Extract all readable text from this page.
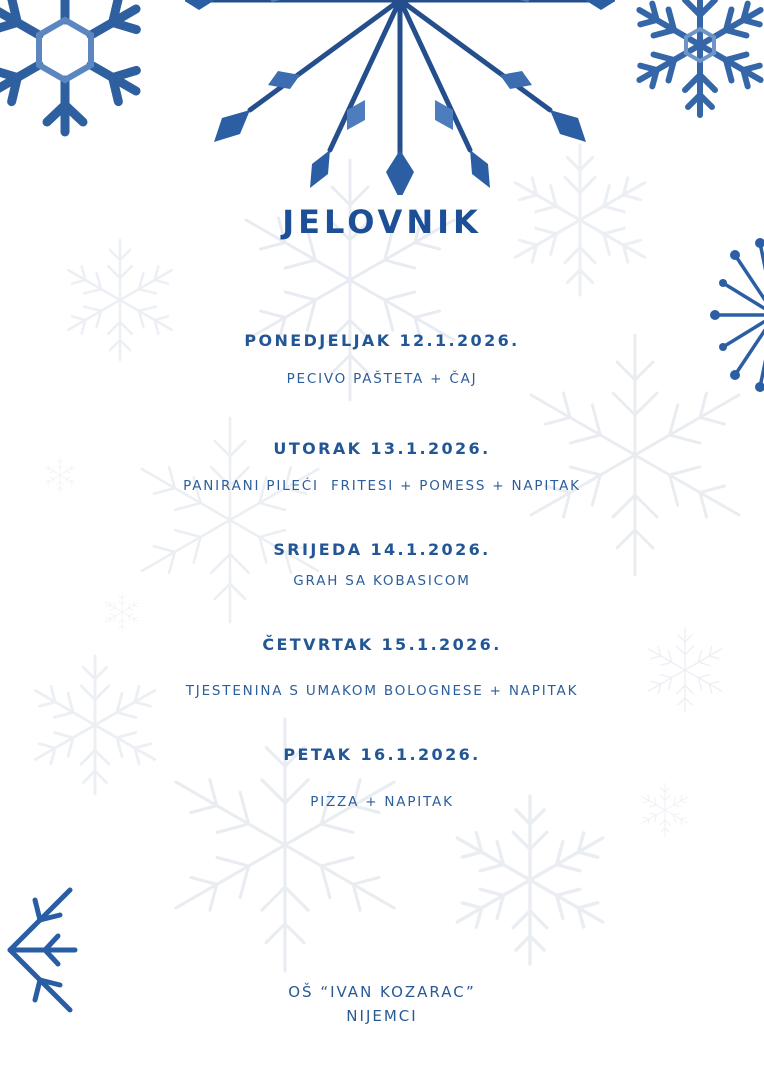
JELOVNIK
PONEDJELJAK 12.1.2026.
PECIVO PAŠTETA + ČAJ
UTORAK 13.1.2026.
PANIRANI PILEĆI  FRITESI + POMESS + NAPITAK
SRIJEDA 14.1.2026.
GRAH SA KOBASICOM
ČETVRTAK 15.1.2026.
TJESTENINA S UMAKOM BOLOGNESE + NAPITAK
PETAK 16.1.2026.
PIZZA + NAPITAK
OŠ “IVAN KOZARAC”
NIJEMCI
